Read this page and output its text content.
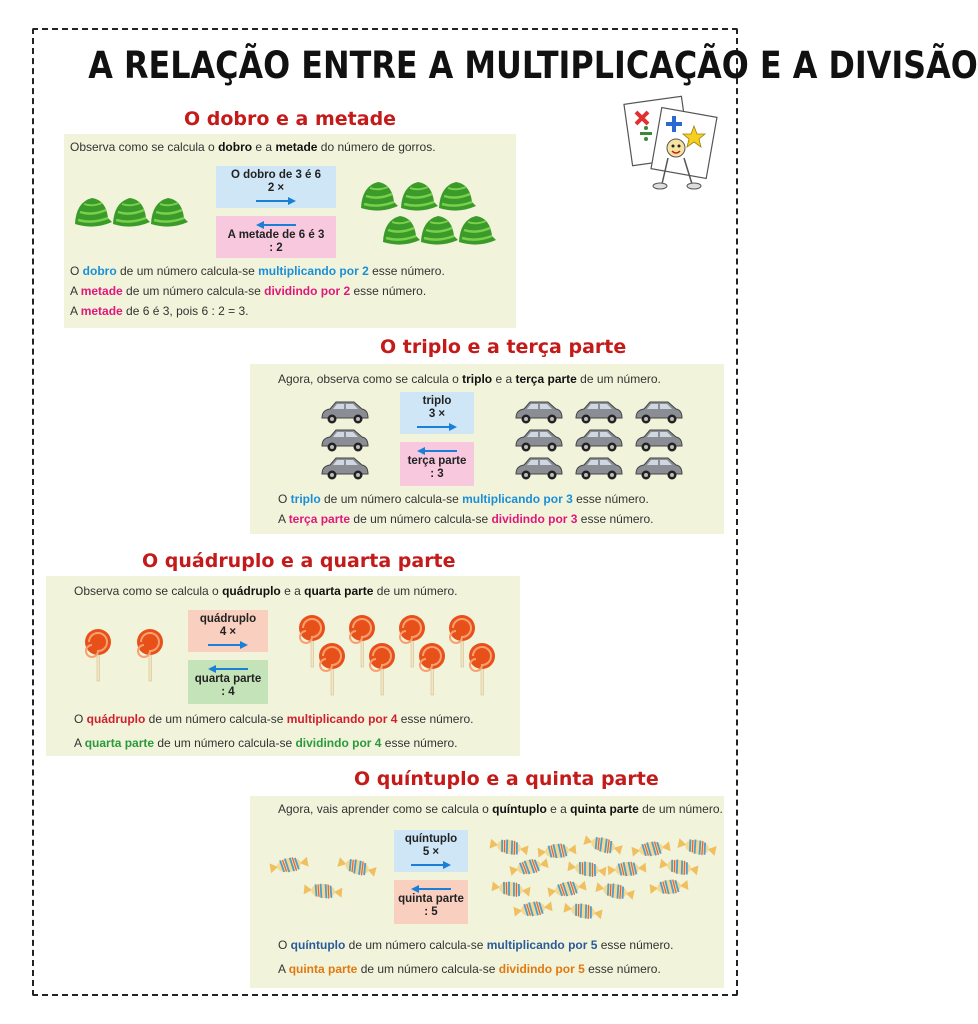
A RELAÇÃO ENTRE A MULTIPLICAÇÃO E A DIVISÃO
O dobro e a metade
Observa como se calcula o dobro e a metade do número de gorros.
O dobro de 3 é 6
2 ×
A metade de 6 é 3
: 2
O dobro de um número calcula-se multiplicando por 2 esse número.
A metade de um número calcula-se dividindo por 2 esse número.
A metade de 6 é 3, pois 6 : 2 = 3.
O triplo e a terça parte
Agora, observa como se calcula o triplo e a terça parte de um número.
triplo
3 ×
terça parte
: 3
O triplo de um número calcula-se multiplicando por 3 esse número.
A terça parte de um número calcula-se dividindo por 3 esse número.
O quádruplo e a quarta parte
Observa como se calcula o quádruplo e a quarta parte de um número.
quádruplo
4 ×
quarta parte
: 4
O quádruplo de um número calcula-se multiplicando por 4 esse número.
A quarta parte de um número calcula-se dividindo por 4 esse número.
O quíntuplo e a quinta parte
Agora, vais aprender como se calcula o quíntuplo e a quinta parte de um número.
quíntuplo
5 ×
quinta parte
: 5
O quíntuplo de um número calcula-se multiplicando por 5 esse número.
A quinta parte de um número calcula-se dividindo por 5 esse número.
